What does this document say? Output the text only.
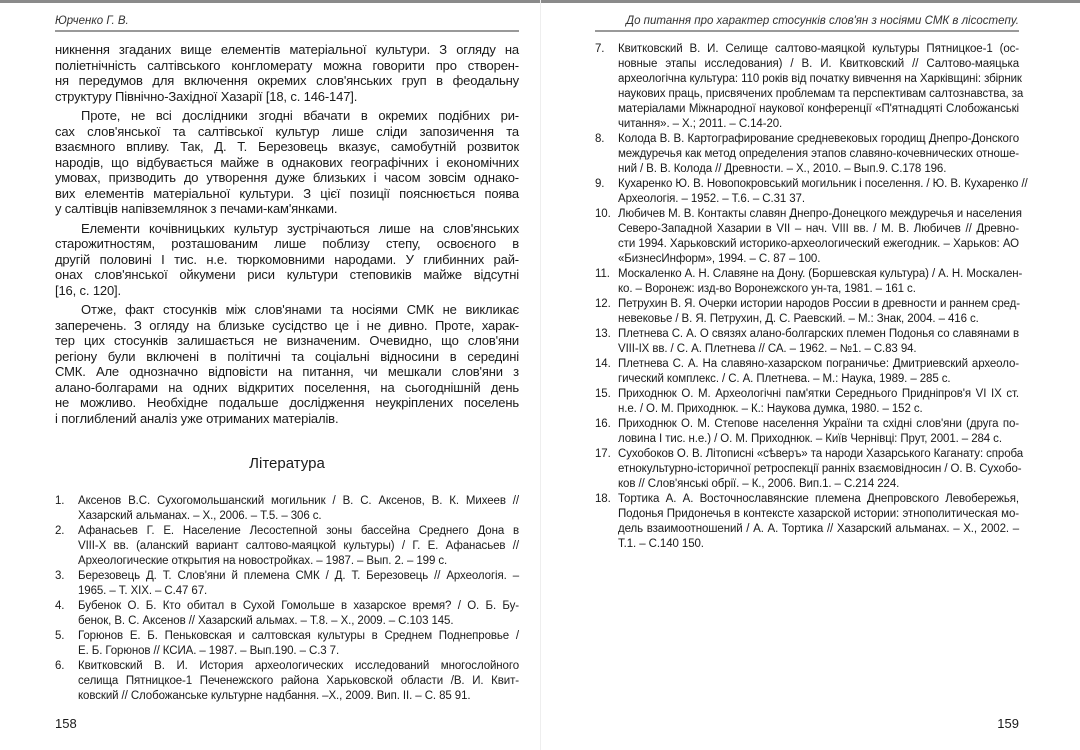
Юрченко Г. В.
никнення згаданих вище елементів матеріальної культури. З огляду на
поліетнічність салтівського конгломерату можна говорити про створен-
ня передумов для включення окремих слов'янських груп в феодальну
структуру Північно-Західної Хазарії [18, с. 146-147].
Проте, не всі дослідники згодні вбачати в окремих подібних ри-
сах слов'янської та салтівської культур лише сліди запозичення та
взаємного впливу. Так, Д. Т. Березовець вказує, самобутній розвиток
народів, що відбувається майже в однакових географічних і економічних
умовах, призводить до утворення дуже близьких і часом зовсім однако-
вих елементів матеріальної культури. З цієї позиції пояснюється поява
у салтівців напівземлянок з печами-кам'янками.
Елементи кочівницьких культур зустрічаються лише на слов'янських
старожитностям, розташованим лише поблизу степу, освоєного в
другій половині І тис. н.е. тюркомовними народами. У глибинних рай-
онах слов'янської ойкумени риси культури степовиків майже відсутні
[16, с. 120].
Отже, факт стосунків між слов'янами та носіями СМК не викликає
заперечень. З огляду на близьке сусідство це і не дивно. Проте, харак-
тер цих стосунків залишається не визначеним. Очевидно, що слов'яни
регіону були включені в політичні та соціальні відносини в середині
СМК. Але однозначно відповісти на питання, чи мешкали слов'яни з
алано-болгарами на одних відкритих поселення, на сьогоднішній день
не можливо. Необхідне подальше дослідження неукріплених поселень
і поглиблений аналіз уже отриманих матеріалів.
Література
1. Аксенов В.С. Сухогомольшанский могильник / В. С. Аксенов, В. К. Михеев //
Хазарский альманах. – Х., 2006. – Т.5. – 306 с.
2. Афанасьев Г. Е. Население Лесостепной зоны бассейна Среднего Дона в
VIII-X вв. (аланский вариант салтово-маяцкой культуры) / Г. Е. Афанасьев //
Археологические открытия на новостройках. – 1987. – Вып. 2. – 199 с.
3. Березовець Д. Т. Слов'яни й племена СМК / Д. Т. Березовець // Археологія. –
1965. – Т. XIX. – С.47 67.
4. Бубенок О. Б. Кто обитал в Сухой Гомольше в хазарское время? / О. Б. Бу-
бенок, В. С. Аксенов // Хазарский альмах. – Т.8. – Х., 2009. – С.103 145.
5. Горюнов Е. Б. Пеньковская и салтовская культуры в Среднем Поднепровье /
Е. Б. Горюнов // КСИА. – 1987. – Вып.190. – С.3 7.
6. Квитковский В. И. История археологических исследований многослойного
селища Пятницкое-1 Печенежского района Харьковской области /В. И. Квит-
ковский // Слобожанське культурне надбання. –Х., 2009. Вип. II. – С. 85 91.
158
До питання про характер стосунків слов'ян з носіями СМК в лісостепу.
7. Квитковский В. И. Селище салтово-маяцкой культуры Пятницкое-1 (ос-
новные этапы исследования) / В. И. Квитковский // Салтово-маяцька
археологічна культура: 110 років від початку вивчення на Харківщині: збірник
наукових праць, присвячених проблемам та перспективам салтознавства, за
матеріалами Міжнародної наукової конференції «П'ятнадцяті Слобожанські
читання». – Х.; 2011. – С.14-20.
8. Колода В. В. Картографирование средневековых городищ Днепро-Донского
междуречья как метод определения этапов славяно-кочевнических отноше-
ний / В. В. Колода // Древности. – Х., 2010. – Вып.9. С.178 196.
9. Кухаренко Ю. В. Новопокровський могильник і поселення. / Ю. В. Кухаренко //
Археологія. – 1952. – Т.6. – С.31 37.
10. Любичев М. В. Контакты славян Днепро-Донецкого междуречья и населения
Северо-Западной Хазарии в VII – нач. VIII вв. / М. В. Любичев // Древно-
сти 1994. Харьковский историко-археологический ежегодник. – Харьков: АО
«БизнесИнформ», 1994. – С. 87 – 100.
11. Москаленко А. Н. Славяне на Дону. (Боршевская культура) / А. Н. Москален-
ко. – Воронеж: изд-во Воронежского ун-та, 1981. – 161 с.
12. Петрухин В. Я. Очерки истории народов России в древности и раннем сред-
невековье / В. Я. Петрухин, Д. С. Раевский. – М.: Знак, 2004. – 416 с.
13. Плетнева С. А. О связях алано-болгарских племен Подонья со славянами в
VIII-IX вв. / С. А. Плетнева // СА. – 1962. – №1. – С.83 94.
14. Плетнева С. А. На славяно-хазарском пограничье: Дмитриевский археоло-
гический комплекс. / С. А. Плетнева. – М.: Наука, 1989. – 285 с.
15. Приходнюк О. М. Археологічні пам'ятки Середнього Придніпров'я VI IX ст.
н.е. / О. М. Приходнюк. – К.: Наукова думка, 1980. – 152 с.
16. Приходнюк О. М. Степове населення України та східні слов'яни (друга по-
ловина І тис. н.е.) / О. М. Приходнюк. – Київ Чернівці: Прут, 2001. – 284 с.
17. Сухобоков О. В. Літописні «сѣверъ» та народи Хазарського Каганату: спроба
етнокультурно-історичної ретроспекції ранніх взаємовідносин / О. В. Сухобо-
ков // Слов'янські обрії. – К., 2006. Вип.1. – С.214 224.
18. Тортика А. А. Восточнославянские племена Днепровского Левобережья,
Подонья Придонечья в контексте хазарской истории: этнополитическая мо-
дель взаимоотношений / А. А. Тортика // Хазарский альманах. – Х., 2002. –
Т.1. – С.140 150.
159
